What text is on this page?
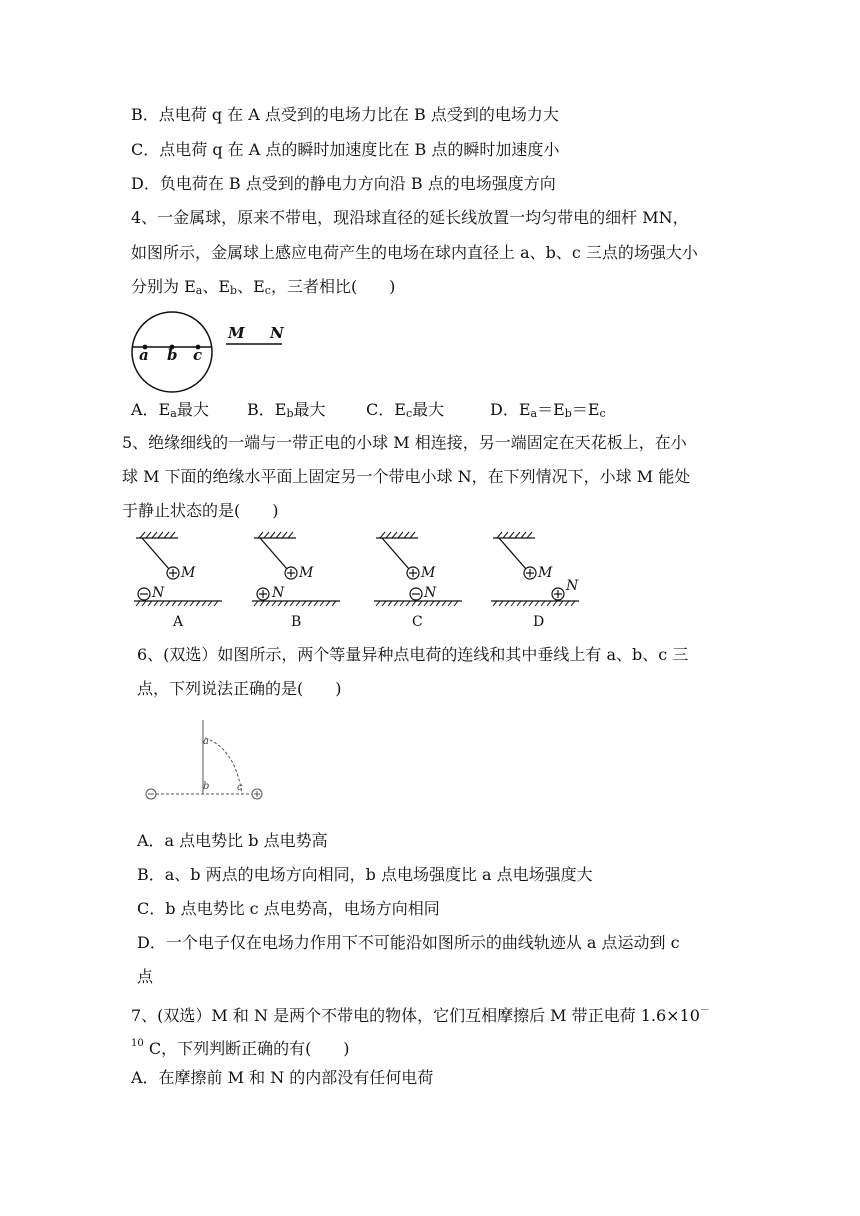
B．点电荷 q 在 A 点受到的电场力比在 B 点受到的电场力大
C．点电荷 q 在 A 点的瞬时加速度比在 B 点的瞬时加速度小
D．负电荷在 B 点受到的静电力方向沿 B 点的电场强度方向
4、一金属球，原来不带电，现沿球直径的延长线放置一均匀带电的细杆 MN，
如图所示，金属球上感应电荷产生的电场在球内直径上 a、b、c 三点的场强大小
分别为 Ea、Eb、Ec，三者相比(　　)
a b c
M N
A．Ea最大 B．Eb最大	C．Ec最大	D．Ea＝Eb＝Ec
5、绝缘细线的一端与一带正电的小球 M 相连接，另一端固定在天花板上，在小
球 M 下面的绝缘水平面上固定另一个带电小球 N，在下列情况下，小球 M 能处
于静止状态的是(　　)
M
N
A
M
N
B
M
N
C
M
N
D
6、(双选）如图所示，两个等量异种点电荷的连线和其中垂线上有 a、b、c 三
点，下列说法正确的是(　　)
a
b	c
A．a 点电势比 b 点电势高
B．a、b 两点的电场方向相同，b 点电场强度比 a 点电场强度大
C．b 点电势比 c 点电势高，电场方向相同
D．一个电子仅在电场力作用下不可能沿如图所示的曲线轨迹从 a 点运动到 c
点
7、(双选）M 和 N 是两个不带电的物体，它们互相摩擦后 M 带正电荷 1.6×10－
$^{10}$ C，下列判断正确的有(　　)
A．在摩擦前 M 和 N 的内部没有任何电荷
